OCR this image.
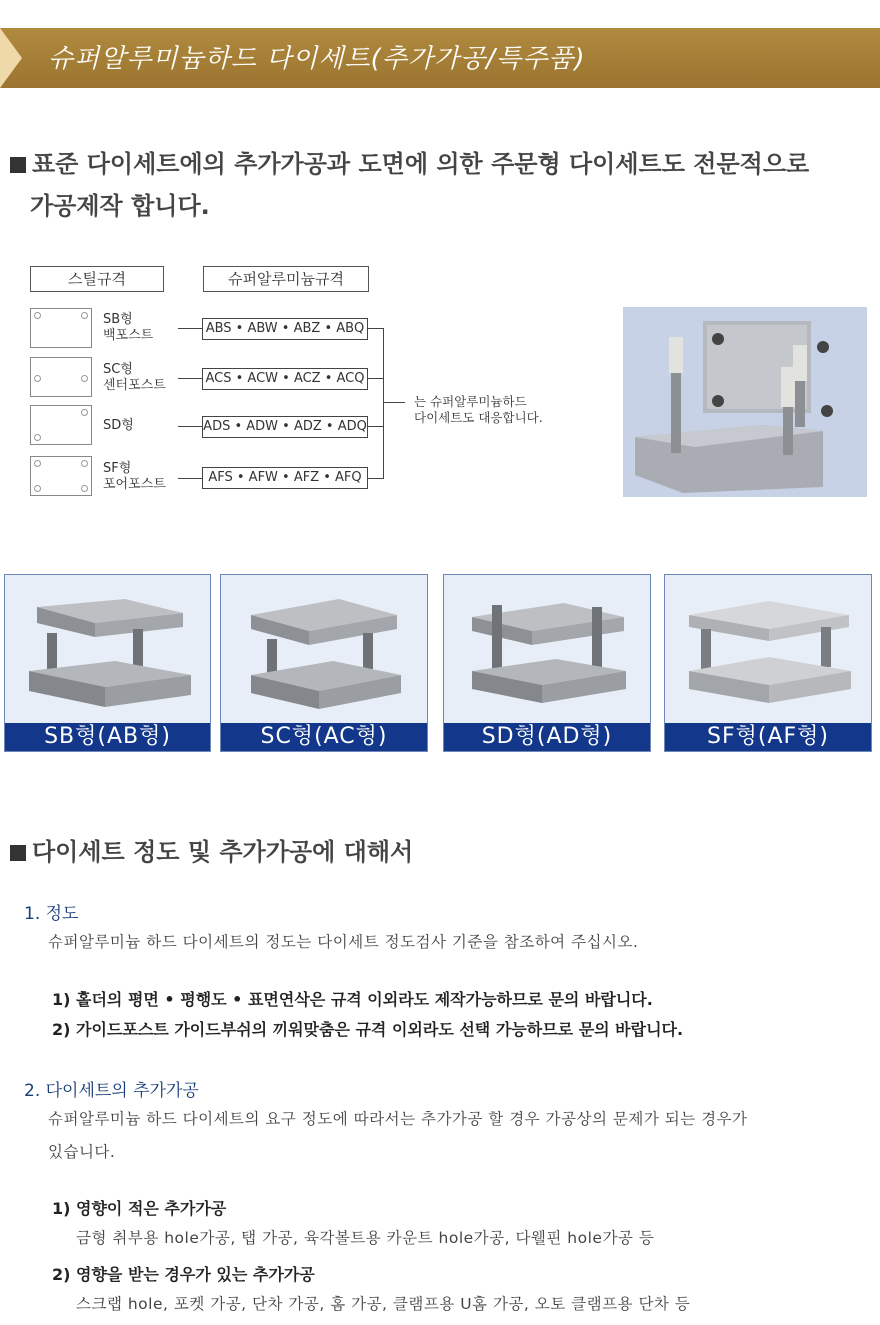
슈퍼알루미늄하드 다이세트(추가가공/특주품)
표준 다이세트에의 추가가공과 도면에 의한 주문형 다이세트도 전문적으로
가공제작 합니다.
스틸규격	슈퍼알루미늄규격
SB형
백포스트	ABS • ABW • ABZ • ABQ
SC형
센터포스트	ACS • ACW • ACZ • ACQ
SD형	ADS • ADW • ADZ • ADQ
SF형
포어포스트	AFS • AFW • AFZ • AFQ
는 슈퍼알루미늄하드
다이세트도 대응합니다.
SB형(AB형)	SC형(AC형)	SD형(AD형)	SF형(AF형)
다이세트 정도 및 추가가공에 대해서
1. 정도
슈퍼알루미늄 하드 다이세트의 정도는 다이세트 정도검사 기준을 참조하여 주십시오.
1) 홀더의 평면 • 평행도 • 표면연삭은 규격 이외라도 제작가능하므로 문의 바랍니다.
2) 가이드포스트 가이드부쉬의 끼워맞춤은 규격 이외라도 선택 가능하므로 문의 바랍니다.
2. 다이세트의 추가가공
슈퍼알루미늄 하드 다이세트의 요구 정도에 따라서는 추가가공 할 경우 가공상의 문제가 되는 경우가
있습니다.
1) 영향이 적은 추가가공
금형 취부용 hole가공, 탭 가공, 육각볼트용 카운트 hole가공, 다웰핀 hole가공 등
2) 영향을 받는 경우가 있는 추가가공
스크랩 hole, 포켓 가공, 단차 가공, 홈 가공, 클램프용 U홈 가공, 오토 클램프용 단차 등
